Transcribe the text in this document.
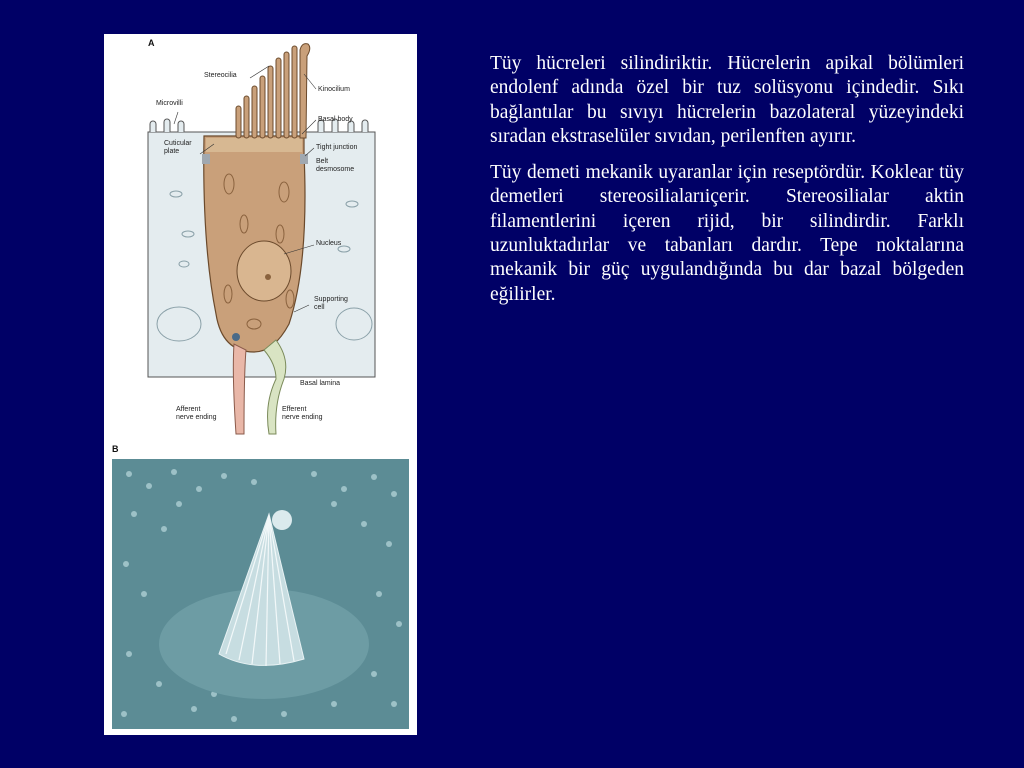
A
B
Stereocilia
Kinocilium
Microvilli
Basal body
Cuticular
plate
Tight junction
Belt
desmosome
Nucleus
Supporting
cell
Basal lamina
Afferent
nerve ending
Efferent
nerve ending

Tüy hücreleri silindiriktir. Hücrelerin apikal bölümleri endolenf adında özel bir tuz solüsyonu içindedir. Sıkı bağlantılar bu sıvıyı hücrelerin bazolateral yüzeyindeki sıradan ekstraselüler sıvıdan, perilenften ayırır.

Tüy demeti mekanik uyaranlar için reseptördür. Koklear tüy demetleri stereosilialarıiçerir. Stereosilialar aktin filamentlerini içeren rijid, bir silindirdir. Farklı uzunluktadırlar ve tabanları dardır. Tepe noktalarına mekanik bir güç uygulandığında bu dar bazal bölgeden eğilirler.
